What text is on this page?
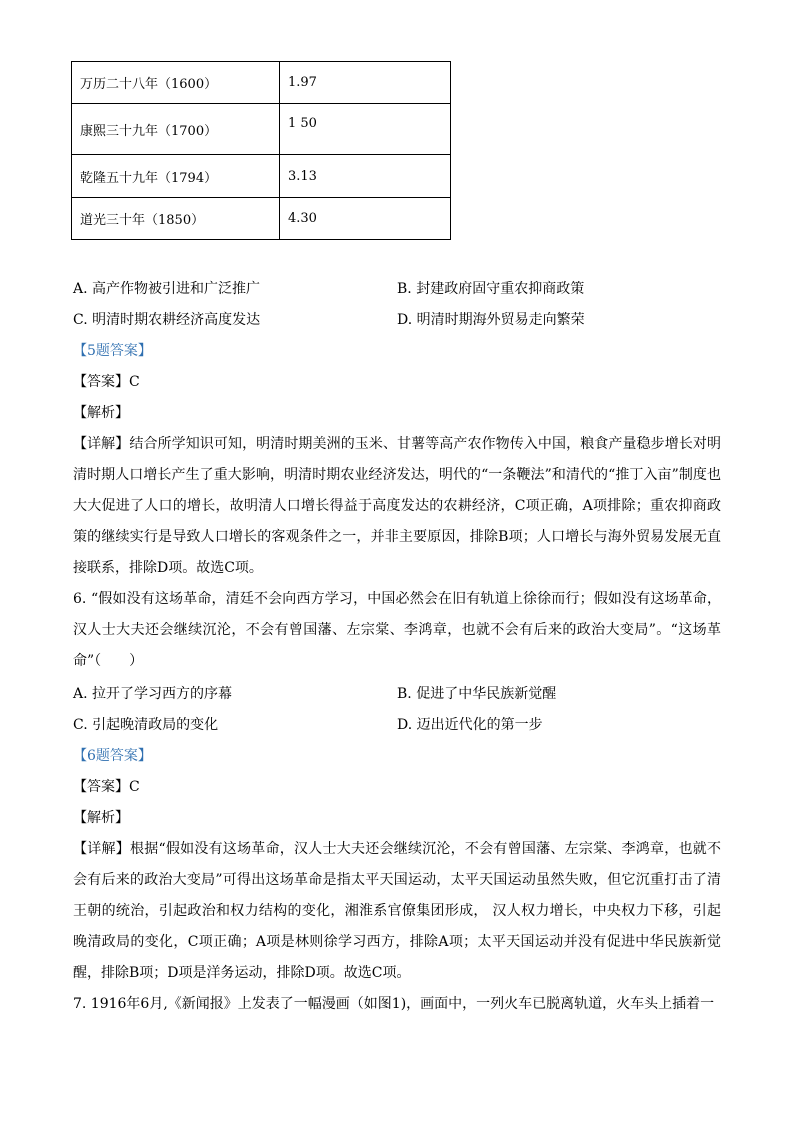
万历二十八年（1600）	1.97
康熙三十九年（1700）	1 50
乾隆五十九年（1794）	3.13
道光三十年（1850）	4.30
A. 高产作物被引进和广泛推广	B. 封建政府固守重农抑商政策
C. 明清时期农耕经济高度发达	D. 明清时期海外贸易走向繁荣
【5题答案】
【答案】C
【解析】
【详解】结合所学知识可知，明清时期美洲的玉米、甘薯等高产农作物传入中国，粮食产量稳步增长对明清时期人口增长产生了重大影响，明清时期农业经济发达，明代的“一条鞭法”和清代的“推丁入亩”制度也大大促进了人口的增长，故明清人口增长得益于高度发达的农耕经济，C项正确，A项排除；重农抑商政策的继续实行是导致人口增长的客观条件之一，并非主要原因，排除B项；人口增长与海外贸易发展无直接联系，排除D项。故选C项。
6. “假如没有这场革命，清廷不会向西方学习，中国必然会在旧有轨道上徐徐而行；假如没有这场革命，汉人士大夫还会继续沉沦，不会有曾国藩、左宗棠、李鸿章，也就不会有后来的政治大变局”。“这场革命”（　　）
A. 拉开了学习西方的序幕	B. 促进了中华民族新觉醒
C. 引起晚清政局的变化	D. 迈出近代化的第一步
【6题答案】
【答案】C
【解析】
【详解】根据“假如没有这场革命，汉人士大夫还会继续沉沦，不会有曾国藩、左宗棠、李鸿章，也就不会有后来的政治大变局”可得出这场革命是指太平天国运动，太平天国运动虽然失败，但它沉重打击了清王朝的统治，引起政治和权力结构的变化，湘淮系官僚集团形成， 汉人权力增长，中央权力下移，引起晚清政局的变化，C项正确；A项是林则徐学习西方，排除A项；太平天国运动并没有促进中华民族新觉醒，排除B项；D项是洋务运动，排除D项。故选C项。
7. 1916年6月,《新闻报》上发表了一幅漫画（如图1)，画面中，一列火车已脱离轨道，火车头上插着一
